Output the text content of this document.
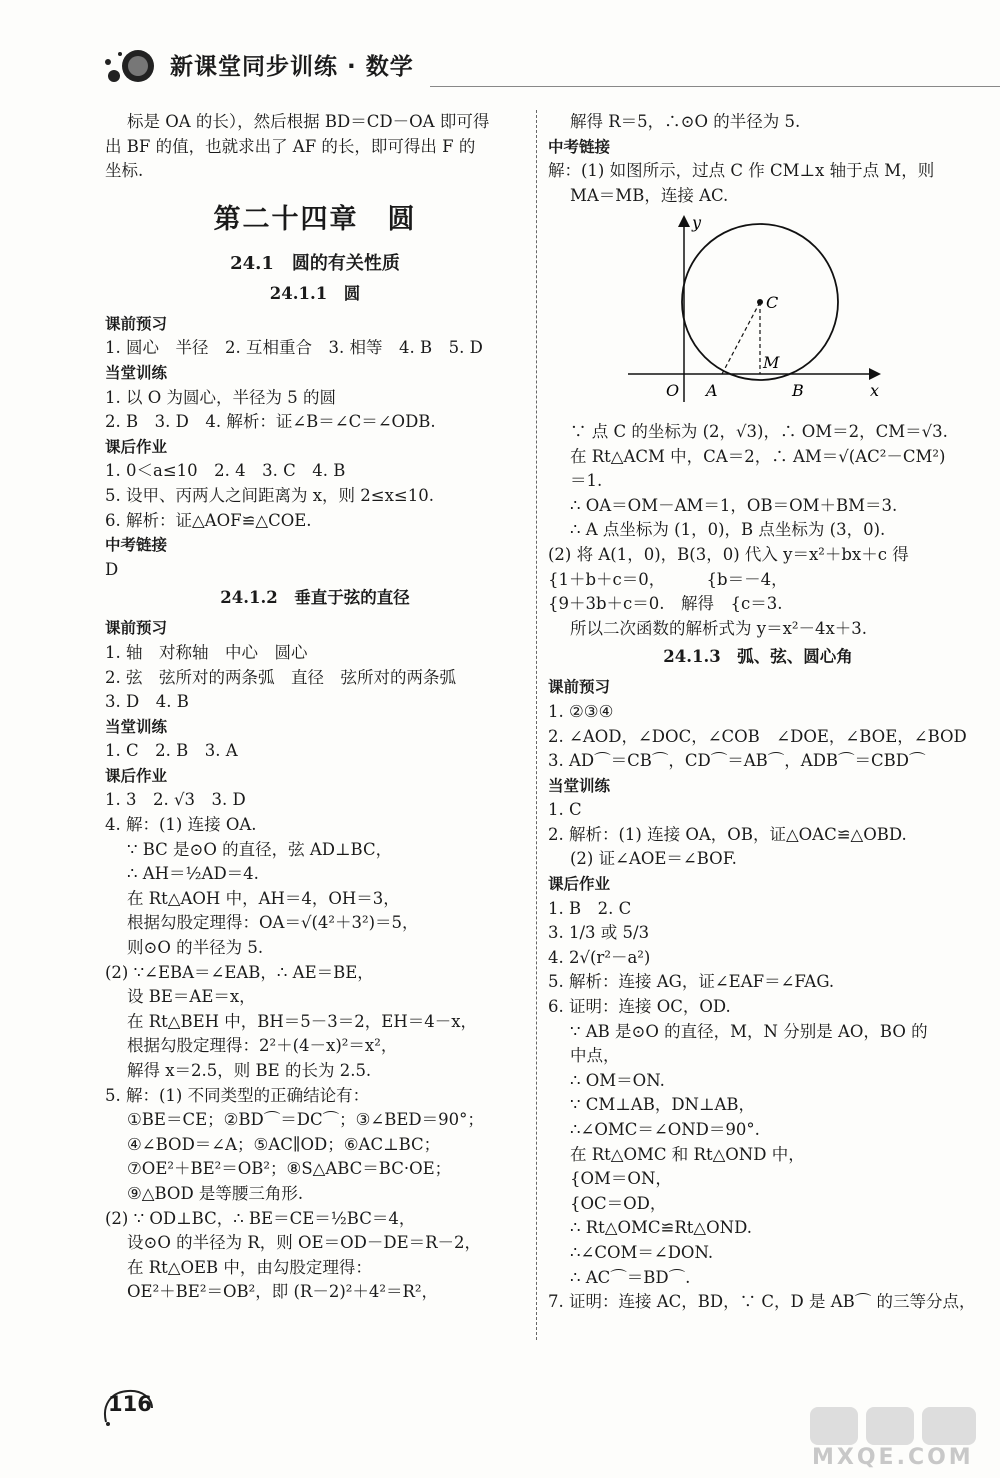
新课堂同步训练 · 数学

标是 OA 的长），然后根据 BD＝CD－OA 即可得

出 BF 的值，也就求出了 AF 的长，即可得出 F 的

坐标.

第二十四章　圆
24.1　圆的有关性质
24.1.1　圆

课前预习

1. 圆心　半径　2. 互相重合　3. 相等　4. B　5. D

当堂训练

1. 以 O 为圆心，半径为 5 的圆

2. B　3. D　4. 解析：证∠B＝∠C＝∠ODB.

课后作业

1. 0＜a≤10　2. 4　3. C　4. B

5. 设甲、丙两人之间距离为 x，则 2≤x≤10.

6. 解析：证△AOF≌△COE.

中考链接

D

24.1.2　垂直于弦的直径

课前预习

1. 轴　对称轴　中心　圆心

2. 弦　弦所对的两条弧　直径　弦所对的两条弧

3. D　4. B

当堂训练

1. C　2. B　3. A

课后作业

1. 3　2. √3　3. D

4. 解：(1) 连接 OA.

∵ BC 是⊙O 的直径，弦 AD⊥BC，

∴ AH＝½AD＝4.

在 Rt△AOH 中，AH＝4，OH＝3，

根据勾股定理得：OA＝√(4²＋3²)＝5，

则⊙O 的半径为 5.

(2) ∵∠EBA＝∠EAB，∴ AE＝BE，

设 BE＝AE＝x，

在 Rt△BEH 中，BH＝5－3＝2，EH＝4－x，

根据勾股定理得：2²＋(4－x)²＝x²，

解得 x＝2.5，则 BE 的长为 2.5.

5. 解：(1) 不同类型的正确结论有：

①BE＝CE；②BD⌒＝DC⌒；③∠BED＝90°；

④∠BOD＝∠A；⑤AC∥OD；⑥AC⊥BC；

⑦OE²＋BE²＝OB²；⑧S△ABC＝BC·OE；

⑨△BOD 是等腰三角形.

(2) ∵ OD⊥BC，∴ BE＝CE＝½BC＝4，

设⊙O 的半径为 R，则 OE＝OD－DE＝R－2，

在 Rt△OEB 中，由勾股定理得：

OE²＋BE²＝OB²，即 (R－2)²＋4²＝R²，

解得 R＝5，∴⊙O 的半径为 5.

中考链接

解：(1) 如图所示，过点 C 作 CM⊥x 轴于点 M，则

MA＝MB，连接 AC.

y
x
O A	B
C
M

∵ 点 C 的坐标为 (2，√3)，∴ OM＝2，CM＝√3.

在 Rt△ACM 中，CA＝2，∴ AM＝√(AC²－CM²)

＝1.

∴ OA＝OM－AM＝1，OB＝OM＋BM＝3.

∴ A 点坐标为 (1，0)，B 点坐标为 (3，0).

(2) 将 A(1，0)，B(3，0) 代入 y＝x²＋bx＋c 得

{1＋b＋c＝0，　　　{b＝－4，

{9＋3b＋c＝0.　解得　{c＝3.

所以二次函数的解析式为 y＝x²－4x＋3.

24.1.3　弧、弦、圆心角

课前预习

1. ②③④

2. ∠AOD，∠DOC，∠COB　∠DOE，∠BOE，∠BOD

3. AD⌒＝CB⌒，CD⌒＝AB⌒，ADB⌒＝CBD⌒

当堂训练

1. C

2. 解析：(1) 连接 OA，OB，证△OAC≌△OBD.

(2) 证∠AOE＝∠BOF.

课后作业

1. B　2. C

3. 1/3 或 5/3

4. 2√(r²－a²)

5. 解析：连接 AG，证∠EAF＝∠FAG.

6. 证明：连接 OC，OD.

∵ AB 是⊙O 的直径，M，N 分别是 AO，BO 的

中点，

∴ OM＝ON.

∵ CM⊥AB，DN⊥AB，

∴∠OMC＝∠OND＝90°.

在 Rt△OMC 和 Rt△OND 中，

{OM＝ON，

{OC＝OD，

∴ Rt△OMC≌Rt△OND.

∴∠COM＝∠DON.

∴ AC⌒＝BD⌒.

7. 证明：连接 AC，BD，∵ C，D 是 AB⌒ 的三等分点，

116
MXQE.COM
